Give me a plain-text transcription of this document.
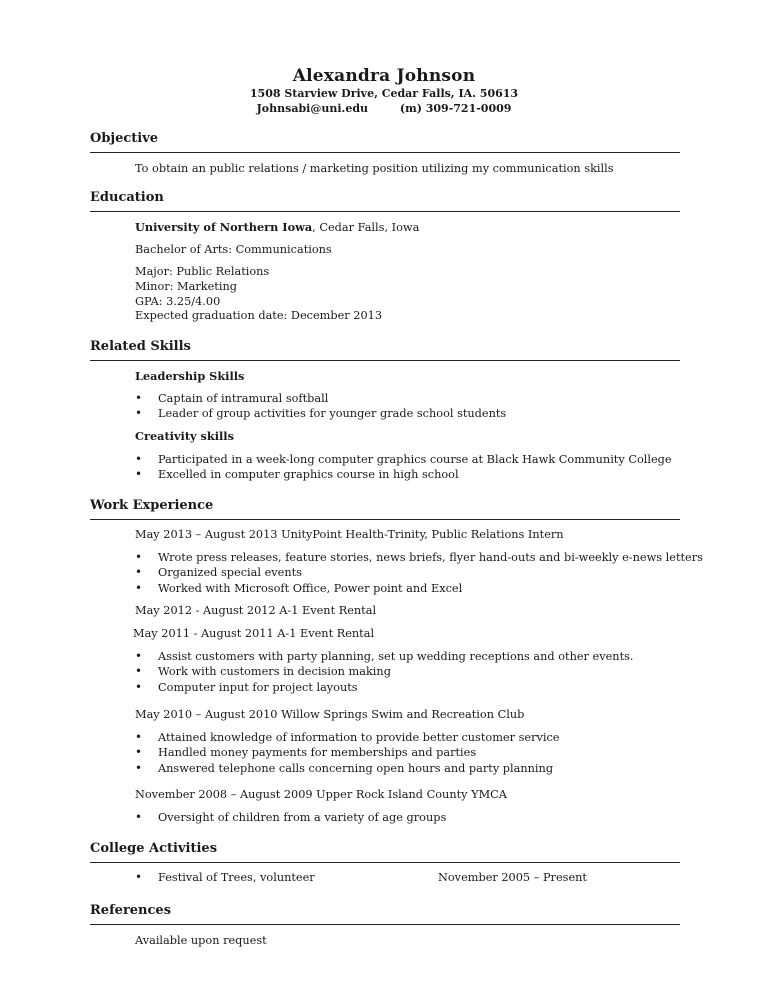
Alexandra Johnson
1508 Starview Drive, Cedar Falls, IA. 50613
Johnsabi@uni.edu	(m) 309-721-0009
Objective
To obtain an public relations / marketing position utilizing my communication skills
Education
University of Northern Iowa, Cedar Falls, Iowa
Bachelor of Arts: Communications
Major: Public Relations
Minor: Marketing
GPA: 3.25/4.00
Expected graduation date: December 2013
Related Skills
Leadership Skills
• Captain of intramural softball
• Leader of group activities for younger grade school students
Creativity skills
• Participated in a week-long computer graphics course at Black Hawk Community College
• Excelled in computer graphics course in high school
Work Experience
May 2013 – August 2013 UnityPoint Health-Trinity, Public Relations Intern
• Wrote press releases, feature stories, news briefs, flyer hand-outs and bi-weekly e-news letters
• Organized special events
• Worked with Microsoft Office, Power point and Excel
May 2012 - August 2012 A-1 Event Rental
May 2011 - August 2011 A-1 Event Rental
• Assist customers with party planning, set up wedding receptions and other events.
• Work with customers in decision making
• Computer input for project layouts
May 2010 – August 2010 Willow Springs Swim and Recreation Club
• Attained knowledge of information to provide better customer service
• Handled money payments for memberships and parties
• Answered telephone calls concerning open hours and party planning
November 2008 – August 2009 Upper Rock Island County YMCA
• Oversight of children from a variety of age groups
College Activities
• Festival of Trees, volunteer	November 2005 – Present
References
Available upon request
